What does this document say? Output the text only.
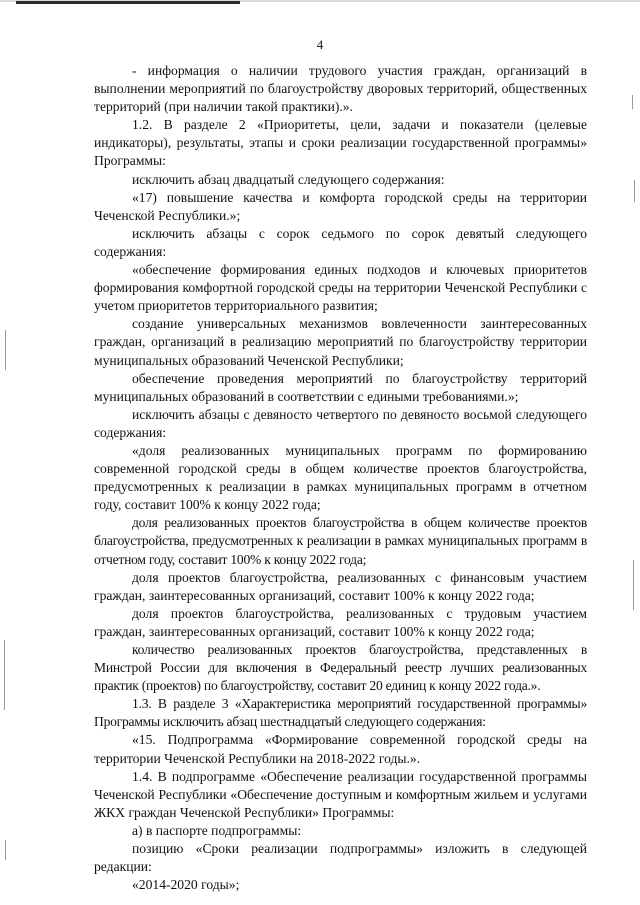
4

- информация о наличии трудового участия граждан, организаций в выполнении мероприятий по благоустройству дворовых территорий, общественных территорий (при наличии такой практики).».

1.2. В разделе 2 «Приоритеты, цели, задачи и показатели (целевые индикаторы), результаты, этапы и сроки реализации государственной программы» Программы:

исключить абзац двадцатый следующего содержания:

«17) повышение качества и комфорта городской среды на территории Чеченской Республики.»;

исключить абзацы с сорок седьмого по сорок девятый следующего содержания:

«обеспечение формирования единых подходов и ключевых приоритетов формирования комфортной городской среды на территории Чеченской Республики с учетом приоритетов территориального развития;

создание универсальных механизмов вовлеченности заинтересованных граждан, организаций в реализацию мероприятий по благоустройству территории муниципальных образований Чеченской Республики;

обеспечение проведения мероприятий по благоустройству территорий муниципальных образований в соответствии с едиными требованиями.»;

исключить абзацы с девяносто четвертого по девяносто восьмой следующего содержания:

«доля реализованных муниципальных программ по формированию современной городской среды в общем количестве проектов благоустройства, предусмотренных к реализации в рамках муниципальных программ в отчетном году, составит 100% к концу 2022 года;

доля реализованных проектов благоустройства в общем количестве проектов благоустройства, предусмотренных к реализации в рамках муниципальных программ в отчетном году, составит 100% к концу 2022 года;

доля проектов благоустройства, реализованных с финансовым участием граждан, заинтересованных организаций, составит 100% к концу 2022 года;

доля проектов благоустройства, реализованных с трудовым участием граждан, заинтересованных организаций, составит 100% к концу 2022 года;

количество реализованных проектов благоустройства, представленных в Минстрой России для включения в Федеральный реестр лучших реализованных практик (проектов) по благоустройству, составит 20 единиц к концу 2022 года.».

1.3. В разделе 3 «Характеристика мероприятий государственной программы» Программы исключить абзац шестнадцатый следующего содержания:

«15. Подпрограмма «Формирование современной городской среды на территории Чеченской Республики на 2018-2022 годы.».

1.4. В подпрограмме «Обеспечение реализации государственной программы Чеченской Республики «Обеспечение доступным и комфортным жильем и услугами ЖКХ граждан Чеченской Республики» Программы:

а) в паспорте подпрограммы:

позицию «Сроки реализации подпрограммы» изложить в следующей редакции:

«2014-2020 годы»;
